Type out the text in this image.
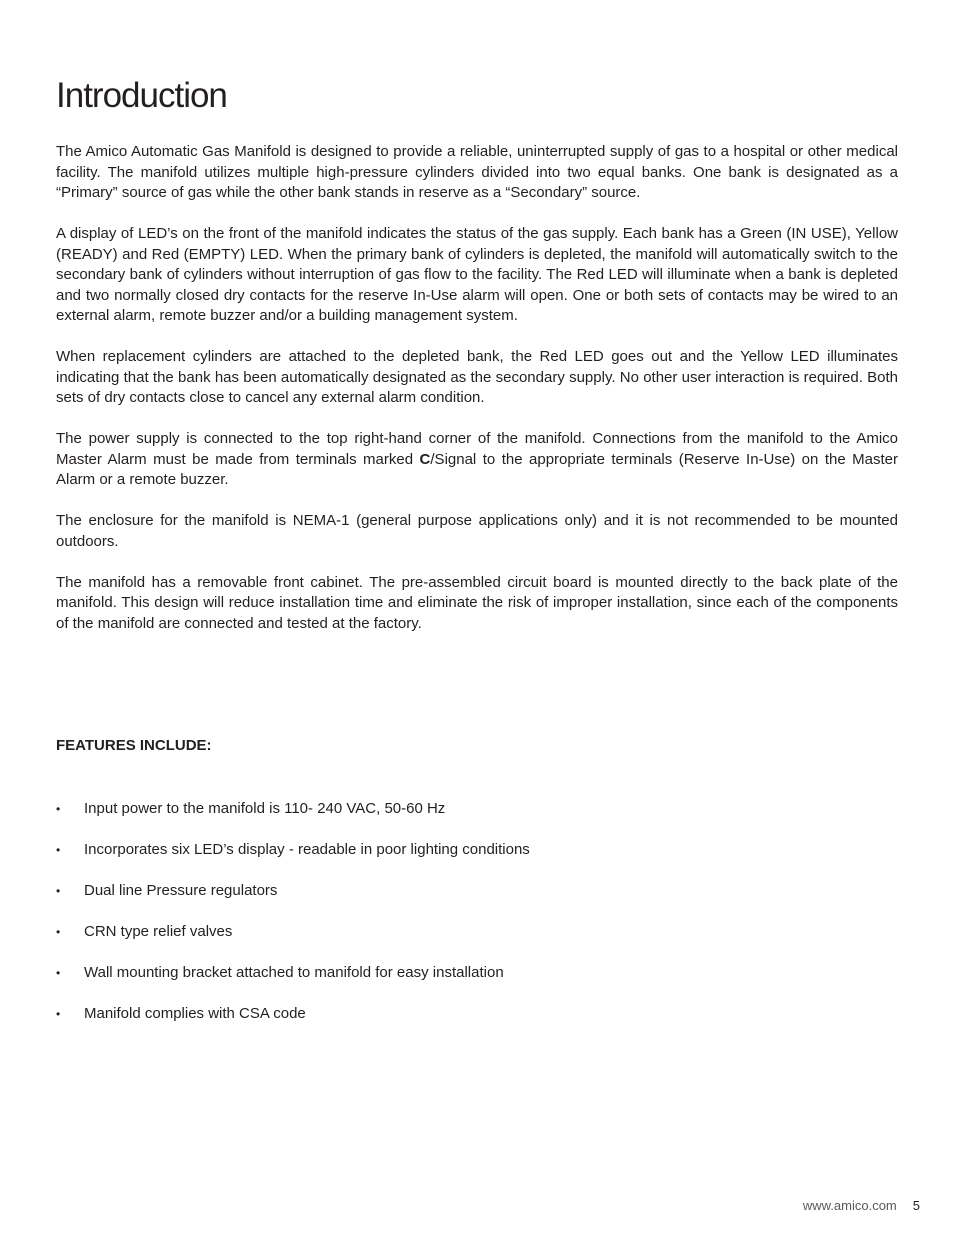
Introduction

The Amico Automatic Gas Manifold is designed to provide a reliable, uninterrupted supply of gas to a hospital or other medical facility. The manifold utilizes multiple high-pressure cylinders divided into two equal banks. One bank is designated as a “Primary” source of gas while the other bank stands in reserve as a “Secondary” source.

A display of LED’s on the front of the manifold indicates the status of the gas supply. Each bank has a Green (IN USE), Yellow (READY) and Red (EMPTY) LED. When the primary bank of cylinders is depleted, the manifold will automatically switch to the secondary bank of cylinders without interruption of gas flow to the facility. The Red LED will illuminate when a bank is depleted and two normally closed dry contacts for the reserve In-Use alarm will open. One or both sets of contacts may be wired to an external alarm, remote buzzer and/or a building management system.

When replacement cylinders are attached to the depleted bank, the Red LED goes out and the Yellow LED illuminates indicating that the bank has been automatically designated as the secondary supply. No other user interaction is required. Both sets of dry contacts close to cancel any external alarm condition.

The power supply is connected to the top right-hand corner of the manifold. Connections from the manifold to the Amico Master Alarm must be made from terminals marked C/Signal to the appropriate terminals (Reserve In-Use) on the Master Alarm or a remote buzzer.

The enclosure for the manifold is NEMA-1 (general purpose applications only) and it is not recommended to be mounted outdoors.

The manifold has a removable front cabinet. The pre-assembled circuit board is mounted directly to the back plate of the manifold. This design will reduce installation time and eliminate the risk of improper installation, since each of the components of the manifold are connected and tested at the factory.

FEATURES INCLUDE:
• Input power to the manifold is 110- 240 VAC, 50-60 Hz
• Incorporates six LED’s display - readable in poor lighting conditions
• Dual line Pressure regulators
• CRN type relief valves
• Wall mounting bracket attached to manifold for easy installation
• Manifold complies with CSA code
www.amico.com 5
